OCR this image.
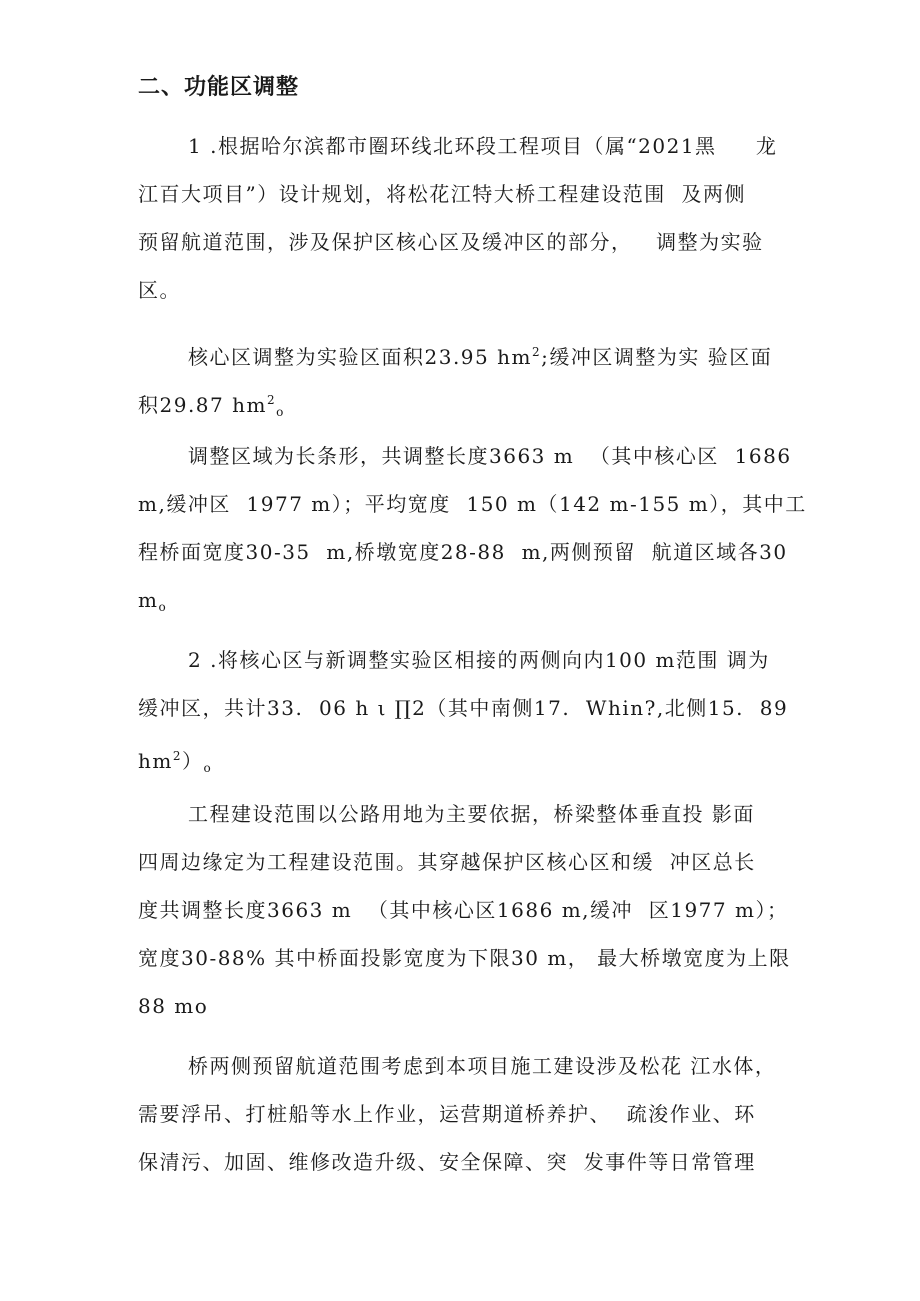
二、功能区调整
1 .根据哈尔滨都市圈环线北环段工程项目（属“2021黑     龙
江百大项目”）设计规划，将松花江特大桥工程建设范围  及两侧
预留航道范围，涉及保护区核心区及缓冲区的部分，   调整为实验
区。
核心区调整为实验区面积23.95 $hm^2$;缓冲区调整为实 验区面
积29.87 $hm^2_o$
调整区域为长条形，共调整长度3663 m  （其中核心区  1686
m,缓冲区  1977 m）；平均宽度  150 m（142 m-155 m），其中工
程桥面宽度30-35  m,桥墩宽度28-88  m,两侧预留  航道区域各30
$m_o$
2 .将核心区与新调整实验区相接的两侧向内100 m范围 调为
缓冲区，共计33.  06 h ι ∏2（其中南侧17.  Whin?,北侧15.  89
$hm^2)_o$
工程建设范围以公路用地为主要依据，桥梁整体垂直投 影面
四周边缘定为工程建设范围。其穿越保护区核心区和缓  冲区总长
度共调整长度3663 m  （其中核心区1686 m,缓冲  区1977 m）；
宽度30-88% 其中桥面投影宽度为下限30 m， 最大桥墩宽度为上限
88 mo
桥两侧预留航道范围考虑到本项目施工建设涉及松花 江水体，
需要浮吊、打桩船等水上作业，运营期道桥养护、  疏浚作业、环
保清污、加固、维修改造升级、安全保障、突  发事件等日常管理
